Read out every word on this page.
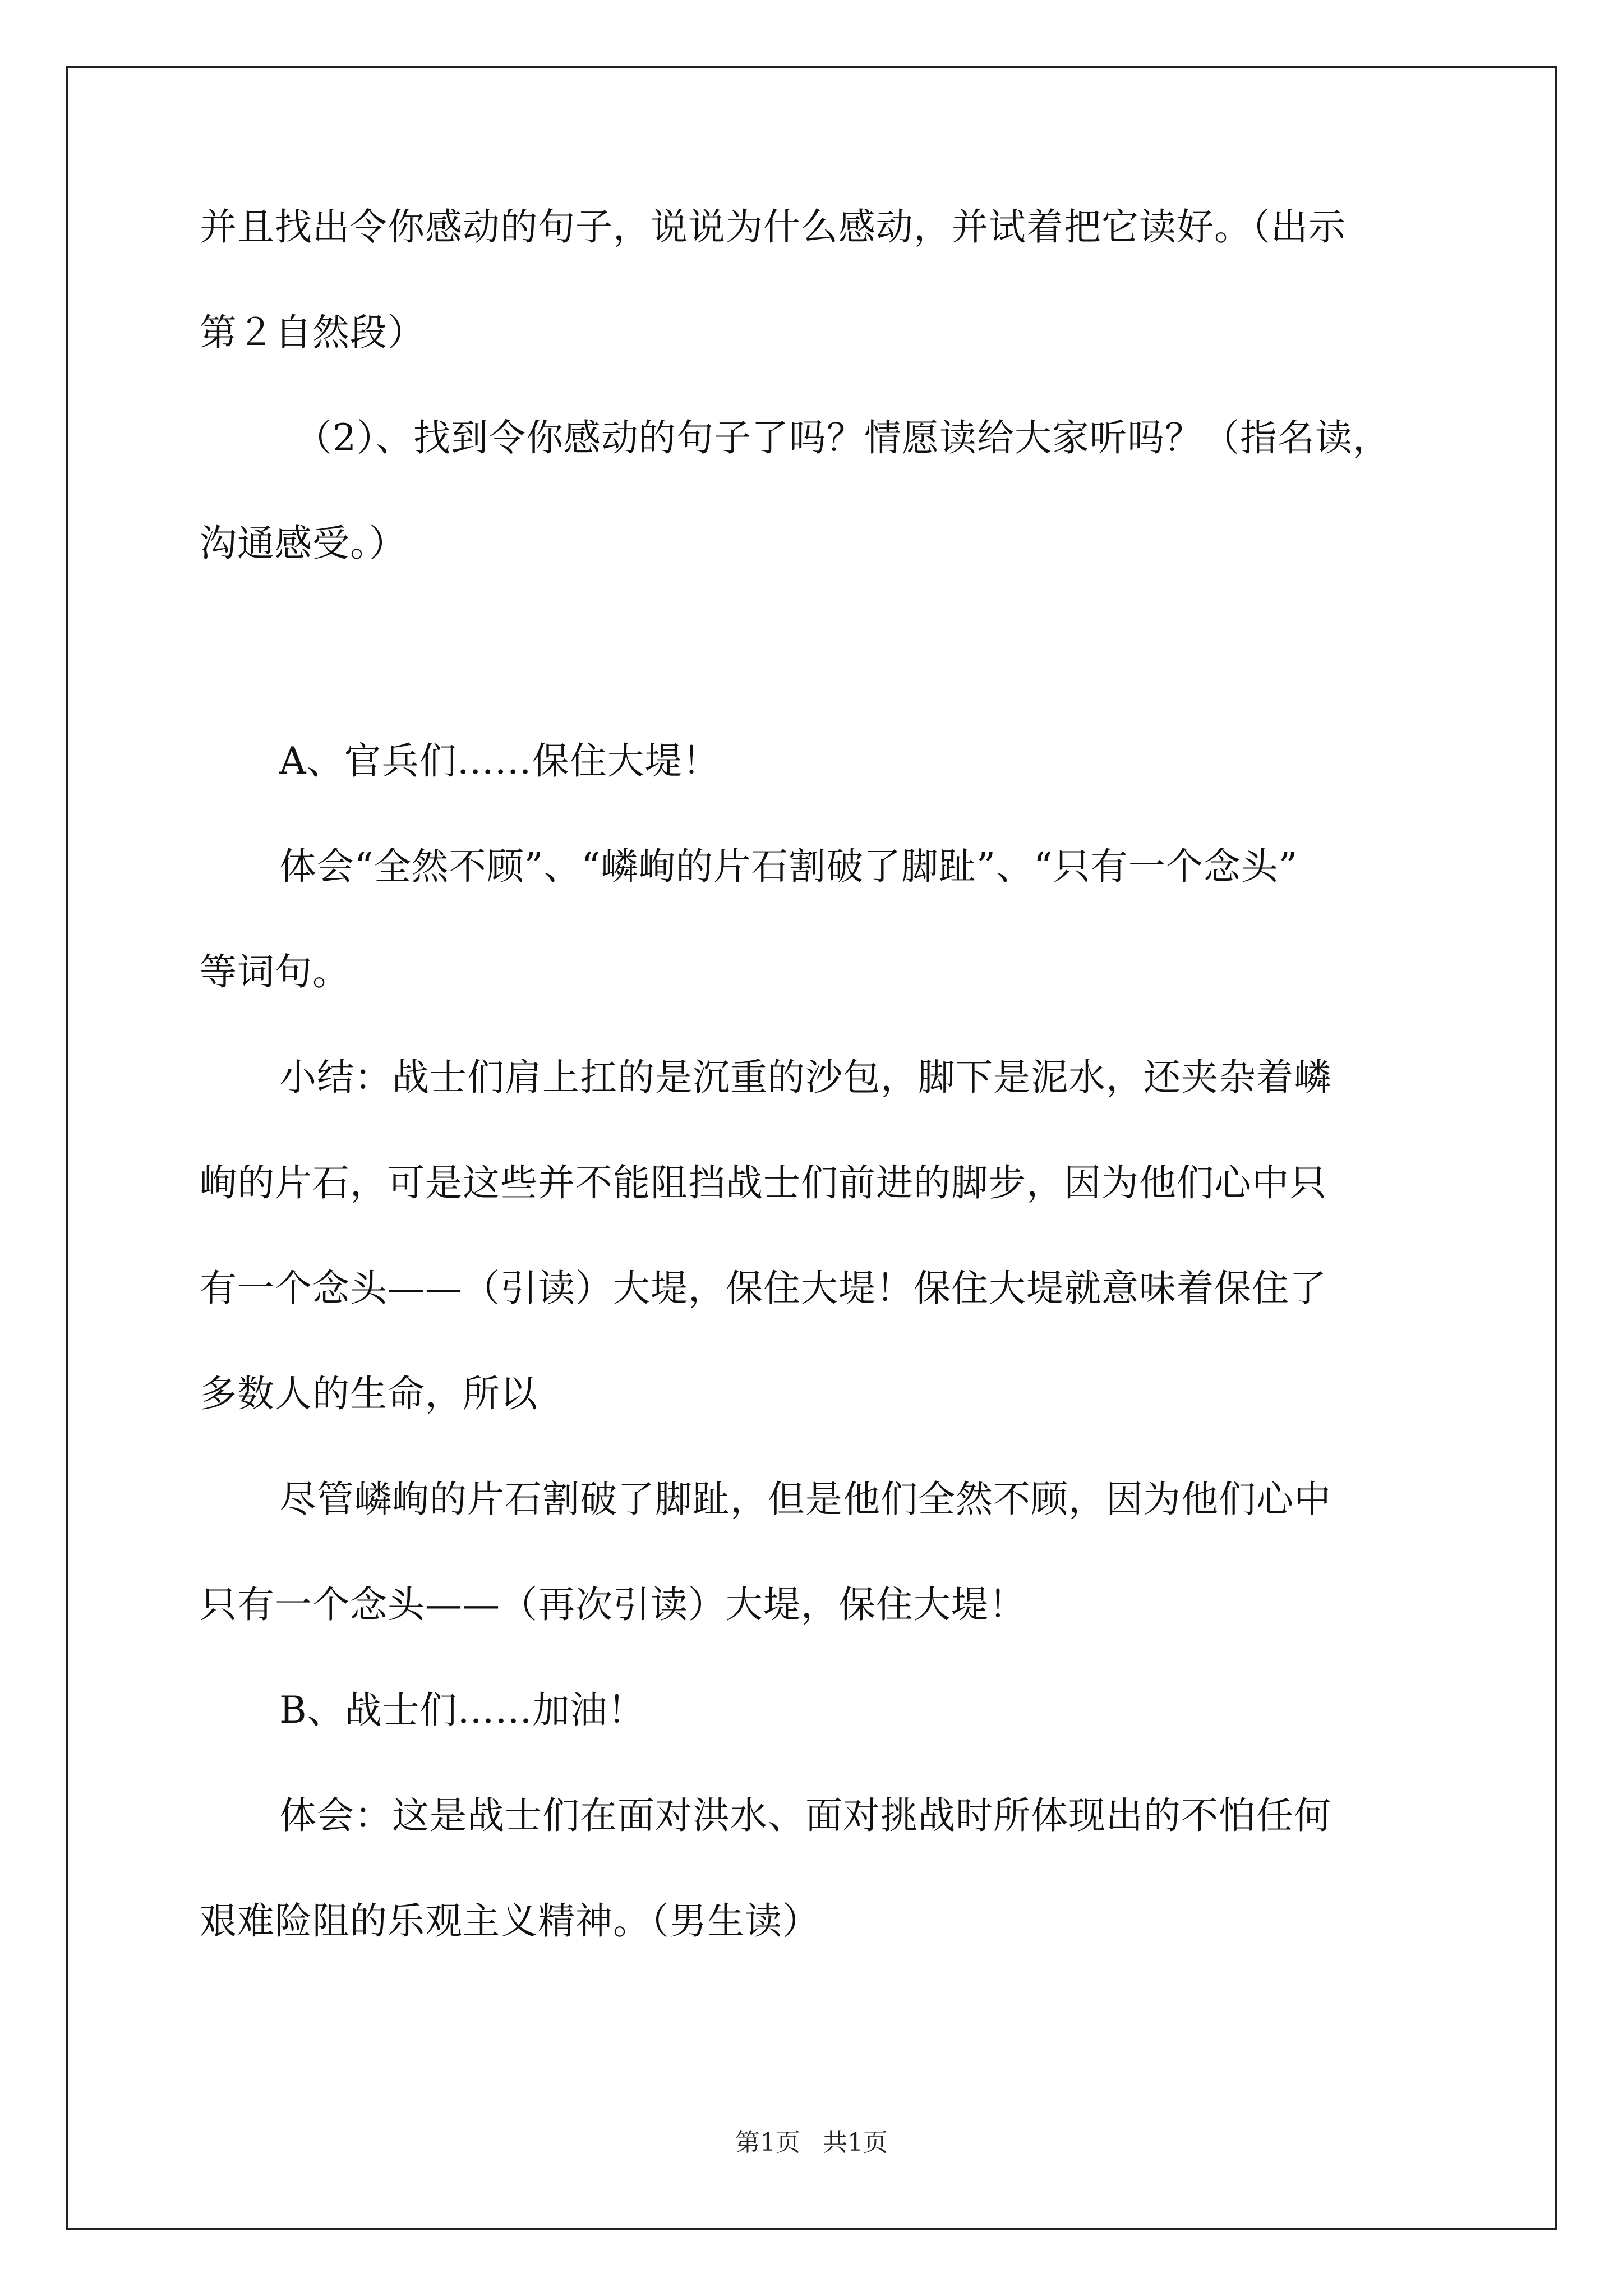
并且找出令你感动的句子，说说为什么感动，并试着把它读好。（出示
第２自然段）
（2）、找到令你感动的句子了吗？情愿读给大家听吗？（指名读，
沟通感受。）
A、官兵们……保住大堤！
体会“全然不顾”、“嶙峋的片石割破了脚趾”、“只有一个念头”
等词句。
小结：战士们肩上扛的是沉重的沙包，脚下是泥水，还夹杂着嶙
峋的片石，可是这些并不能阻挡战士们前进的脚步，因为他们心中只
有一个念头——（引读）大堤，保住大堤！保住大堤就意味着保住了
多数人的生命，所以
尽管嶙峋的片石割破了脚趾，但是他们全然不顾，因为他们心中
只有一个念头——（再次引读）大堤，保住大堤！
B、战士们……加油！
体会：这是战士们在面对洪水、面对挑战时所体现出的不怕任何
艰难险阻的乐观主义精神。（男生读）
第1页 共1页
